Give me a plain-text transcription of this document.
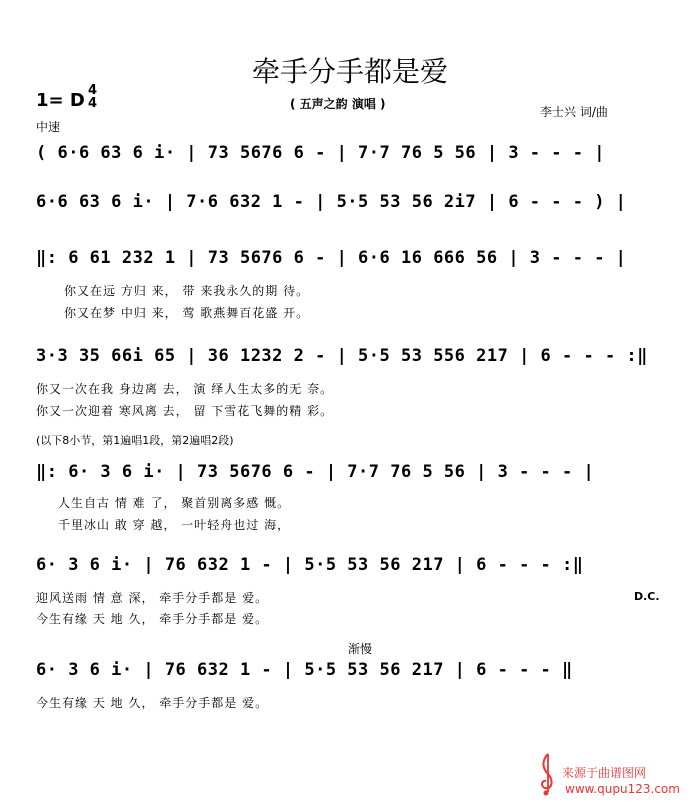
牵手分手都是爱
1= D 4
4
中速
( 五声之韵 演唱 )
李士兴 词/曲
( 6·6 63 6 i· | 73 5676 6 - | 7·7 76 5 56 | 3 - - - |
6·6 63 6 i· | 7·6 632 1 - | 5·5 53 56 2i7 | 6 - - - ) |
‖: 6 61 232 1 | 73 5676 6 - | 6·6 16 666 56 | 3 - - - |
你又在远 方归 来， 带 来我永久的期 待。
你又在梦 中归 来， 莺 歌燕舞百花盛 开。
3·3 35 66i 65 | 36 1232 2 - | 5·5 53 556 217 | 6 - - - :‖
你又一次在我 身边离 去， 演 绎人生太多的无 奈。
你又一次迎着 寒风离 去， 留 下雪花飞舞的精 彩。
(以下8小节，第1遍唱1段，第2遍唱2段)
‖: 6· 3 6 i· | 73 5676 6 - | 7·7 76 5 56 | 3 - - - |
人生自古 情 难 了， 聚首别离多感 慨。
千里冰山 敢 穿 越， 一叶轻舟也过 海，
6· 3 6 i· | 76 632 1 - | 5·5 53 56 217 | 6 - - - :‖
迎风送雨 情 意 深， 牵手分手都是 爱。
今生有缘 天 地 久， 牵手分手都是 爱。
D.C.
渐慢
6· 3 6 i· | 76 632 1 - | 5·5 53 56 217 | 6 - - - ‖
今生有缘 天 地 久， 牵手分手都是 爱。
来源于曲谱图网
www.qupu123.com
